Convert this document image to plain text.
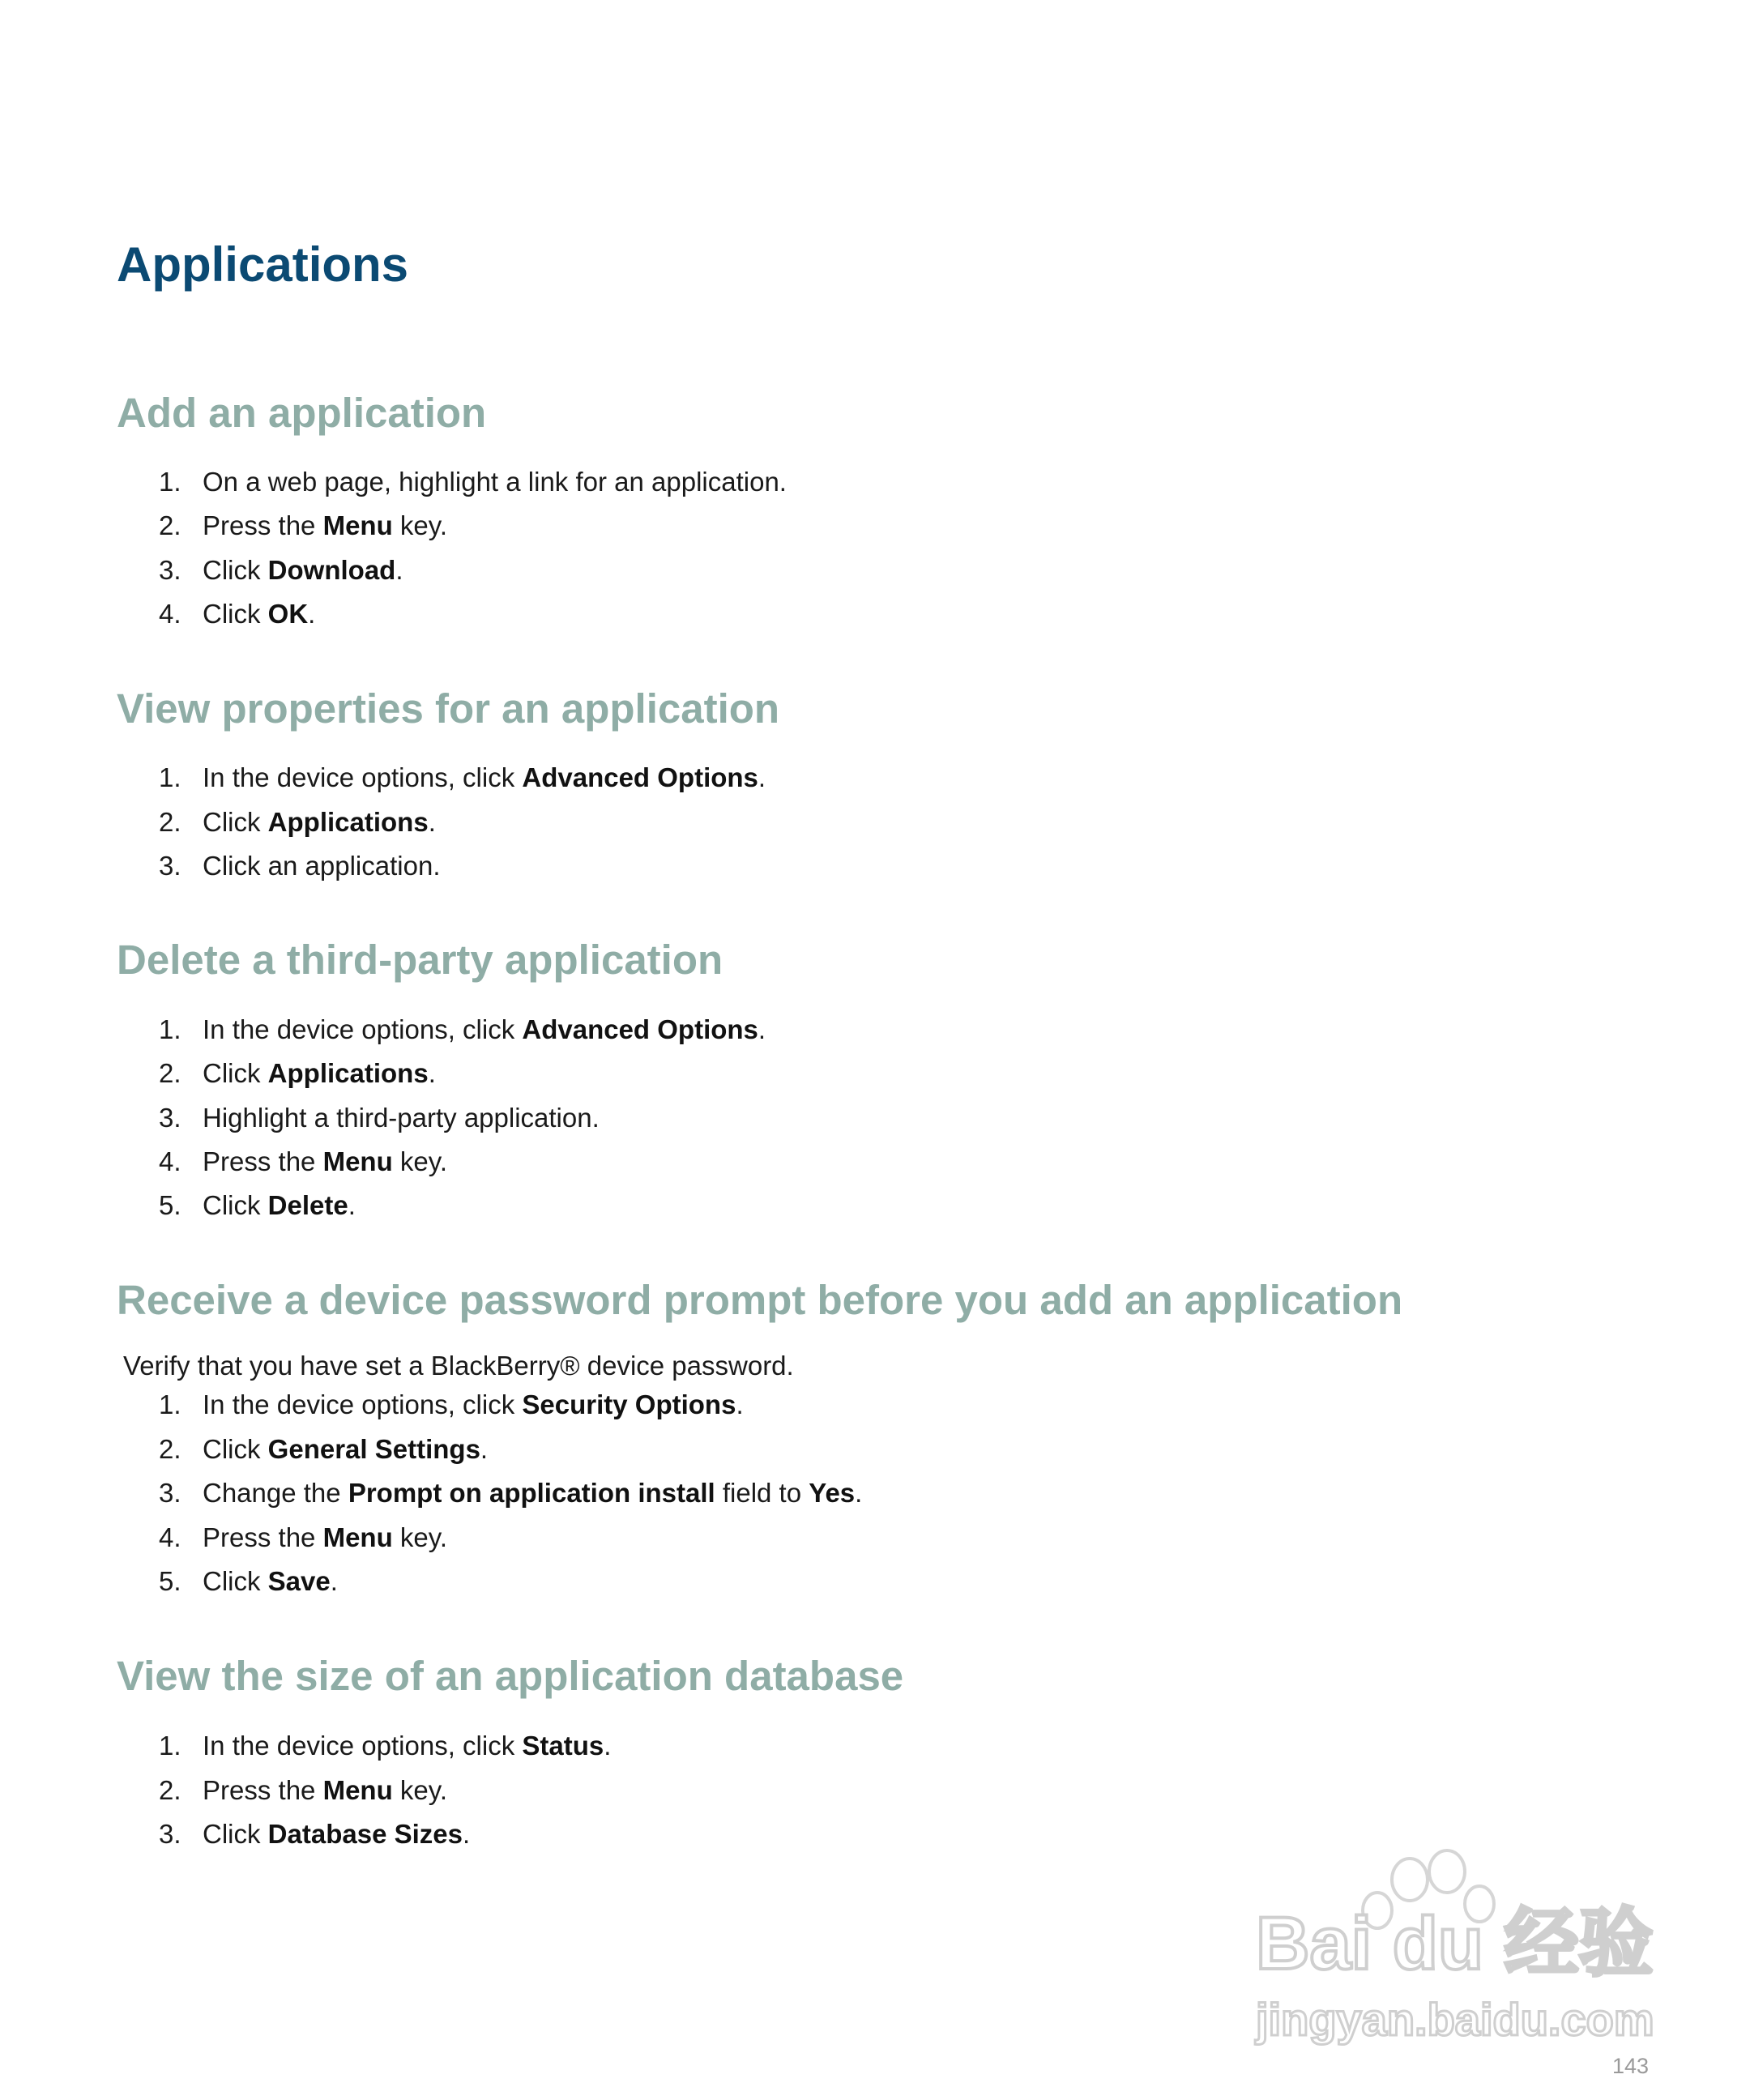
Applications
Add an application
1. On a web page, highlight a link for an application.
2. Press the Menu key.
3. Click Download.
4. Click OK.
View properties for an application
1. In the device options, click Advanced Options.
2. Click Applications.
3. Click an application.
Delete a third-party application
1. In the device options, click Advanced Options.
2. Click Applications.
3. Highlight a third-party application.
4. Press the Menu key.
5. Click Delete.
Receive a device password prompt before you add an application
Verify that you have set a BlackBerry® device password.
1. In the device options, click Security Options.
2. Click General Settings.
3. Change the Prompt on application install field to Yes.
4. Press the Menu key.
5. Click Save.
View the size of an application database
1. In the device options, click Status.
2. Press the Menu key.
3. Click Database Sizes.
Bai du 经验
jingyan.baidu.com
143
